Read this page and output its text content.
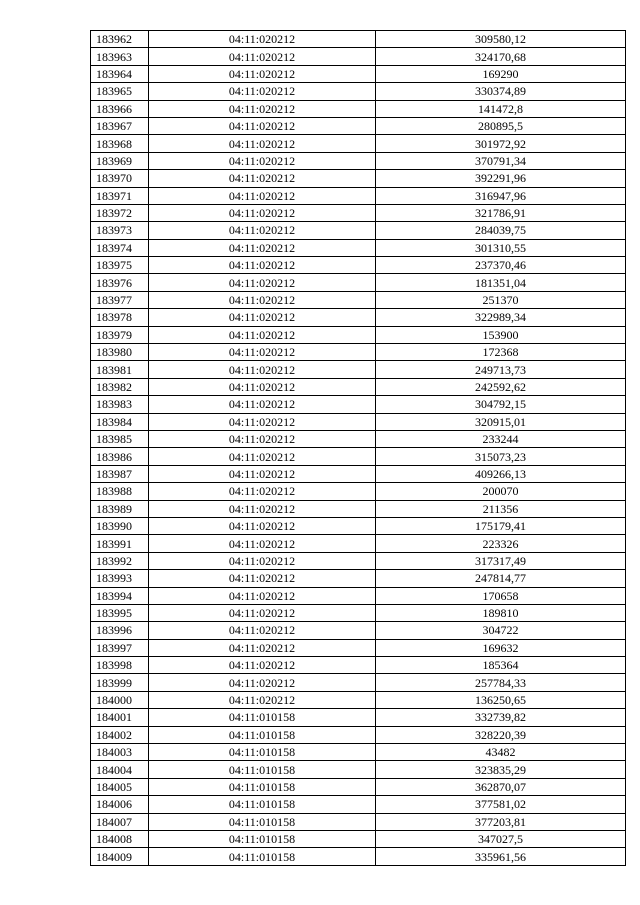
183962	04:11:020212	309580,12
183963	04:11:020212	324170,68
183964	04:11:020212	169290
183965	04:11:020212	330374,89
183966	04:11:020212	141472,8
183967	04:11:020212	280895,5
183968	04:11:020212	301972,92
183969	04:11:020212	370791,34
183970	04:11:020212	392291,96
183971	04:11:020212	316947,96
183972	04:11:020212	321786,91
183973	04:11:020212	284039,75
183974	04:11:020212	301310,55
183975	04:11:020212	237370,46
183976	04:11:020212	181351,04
183977	04:11:020212	251370
183978	04:11:020212	322989,34
183979	04:11:020212	153900
183980	04:11:020212	172368
183981	04:11:020212	249713,73
183982	04:11:020212	242592,62
183983	04:11:020212	304792,15
183984	04:11:020212	320915,01
183985	04:11:020212	233244
183986	04:11:020212	315073,23
183987	04:11:020212	409266,13
183988	04:11:020212	200070
183989	04:11:020212	211356
183990	04:11:020212	175179,41
183991	04:11:020212	223326
183992	04:11:020212	317317,49
183993	04:11:020212	247814,77
183994	04:11:020212	170658
183995	04:11:020212	189810
183996	04:11:020212	304722
183997	04:11:020212	169632
183998	04:11:020212	185364
183999	04:11:020212	257784,33
184000	04:11:020212	136250,65
184001	04:11:010158	332739,82
184002	04:11:010158	328220,39
184003	04:11:010158	43482
184004	04:11:010158	323835,29
184005	04:11:010158	362870,07
184006	04:11:010158	377581,02
184007	04:11:010158	377203,81
184008	04:11:010158	347027,5
184009	04:11:010158	335961,56
